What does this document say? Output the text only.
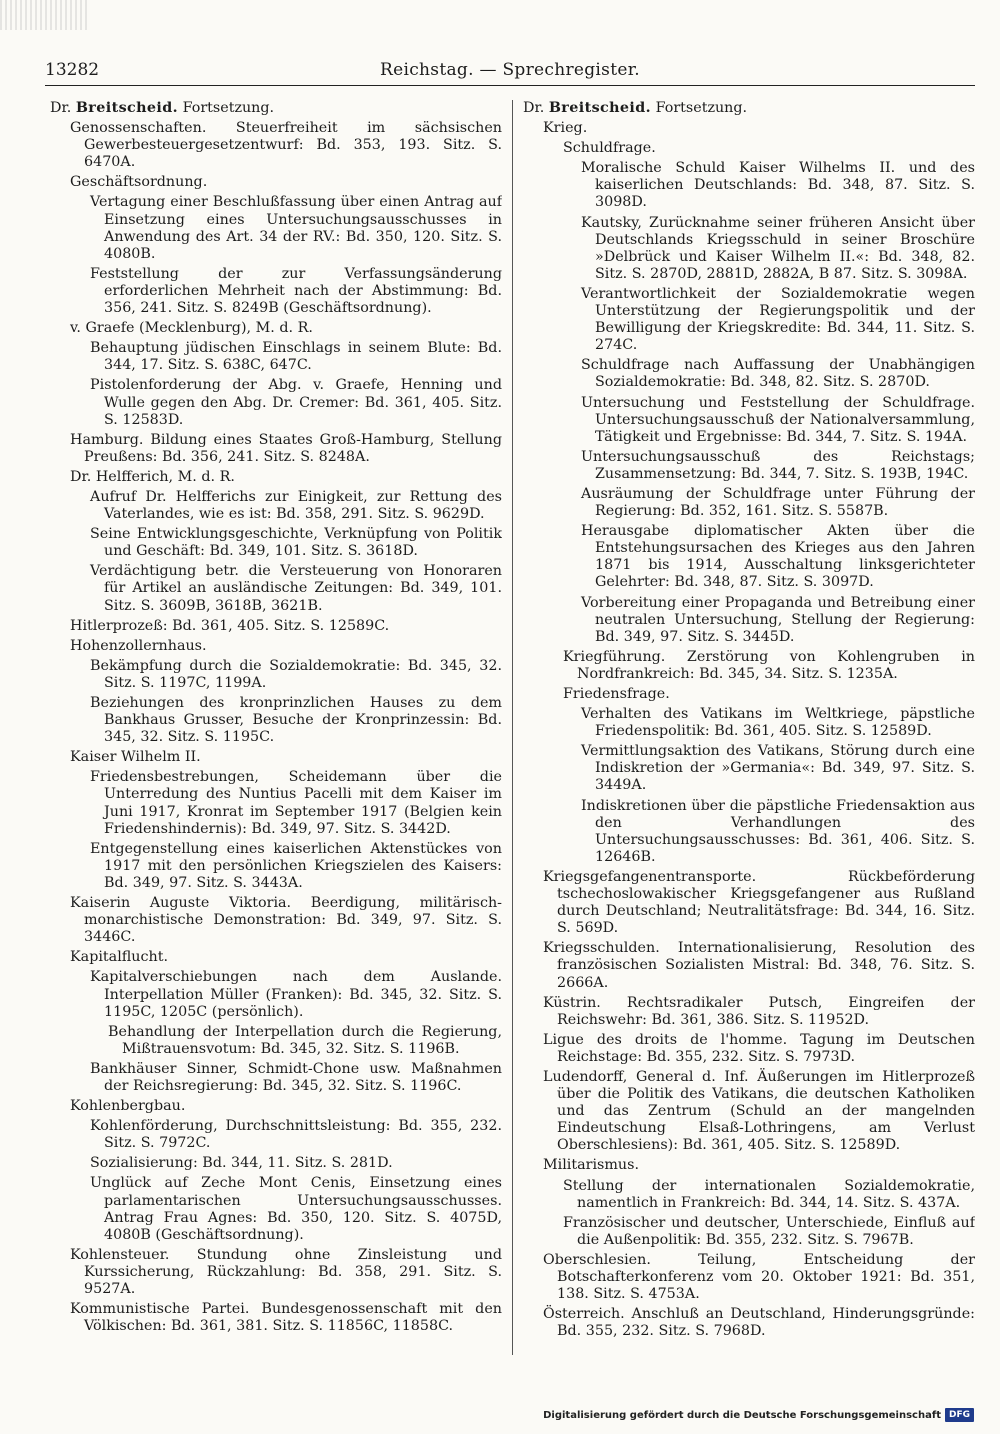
13282	Reichstag. — Sprechregister.

Dr. Breitscheid. Fortsetzung.

Genossenschaften. Steuerfreiheit im sächsischen Gewerbesteuergesetzentwurf: Bd. 353, 193. Sitz. S. 6470A.

Geschäftsordnung.

Vertagung einer Beschlußfassung über einen Antrag auf Einsetzung eines Untersuchungsausschusses in Anwendung des Art. 34 der RV.: Bd. 350, 120. Sitz. S. 4080B.

Feststellung der zur Verfassungsänderung erforderlichen Mehrheit nach der Abstimmung: Bd. 356, 241. Sitz. S. 8249B (Geschäftsordnung).

v. Graefe (Mecklenburg), M. d. R.

Behauptung jüdischen Einschlags in seinem Blute: Bd. 344, 17. Sitz. S. 638C, 647C.

Pistolenforderung der Abg. v. Graefe, Henning und Wulle gegen den Abg. Dr. Cremer: Bd. 361, 405. Sitz. S. 12583D.

Hamburg. Bildung eines Staates Groß-Hamburg, Stellung Preußens: Bd. 356, 241. Sitz. S. 8248A.

Dr. Helfferich, M. d. R.

Aufruf Dr. Helfferichs zur Einigkeit, zur Rettung des Vaterlandes, wie es ist: Bd. 358, 291. Sitz. S. 9629D.

Seine Entwicklungsgeschichte, Verknüpfung von Politik und Geschäft: Bd. 349, 101. Sitz. S. 3618D.

Verdächtigung betr. die Versteuerung von Honoraren für Artikel an ausländische Zeitungen: Bd. 349, 101. Sitz. S. 3609B, 3618B, 3621B.

Hitlerprozeß: Bd. 361, 405. Sitz. S. 12589C.

Hohenzollernhaus.

Bekämpfung durch die Sozialdemokratie: Bd. 345, 32. Sitz. S. 1197C, 1199A.

Beziehungen des kronprinzlichen Hauses zu dem Bankhaus Grusser, Besuche der Kronprinzessin: Bd. 345, 32. Sitz. S. 1195C.

Kaiser Wilhelm II.

Friedensbestrebungen, Scheidemann über die Unterredung des Nuntius Pacelli mit dem Kaiser im Juni 1917, Kronrat im September 1917 (Belgien kein Friedenshindernis): Bd. 349, 97. Sitz. S. 3442D.

Entgegenstellung eines kaiserlichen Aktenstückes von 1917 mit den persönlichen Kriegszielen des Kaisers: Bd. 349, 97. Sitz. S. 3443A.

Kaiserin Auguste Viktoria. Beerdigung, militärisch-monarchistische Demonstration: Bd. 349, 97. Sitz. S. 3446C.

Kapitalflucht.

Kapitalverschiebungen nach dem Auslande. Interpellation Müller (Franken): Bd. 345, 32. Sitz. S. 1195C, 1205C (persönlich).

Behandlung der Interpellation durch die Regierung, Mißtrauensvotum: Bd. 345, 32. Sitz. S. 1196B.

Bankhäuser Sinner, Schmidt-Chone usw. Maßnahmen der Reichsregierung: Bd. 345, 32. Sitz. S. 1196C.

Kohlenbergbau.

Kohlenförderung, Durchschnittsleistung: Bd. 355, 232. Sitz. S. 7972C.

Sozialisierung: Bd. 344, 11. Sitz. S. 281D.

Unglück auf Zeche Mont Cenis, Einsetzung eines parlamentarischen Untersuchungsausschusses. Antrag Frau Agnes: Bd. 350, 120. Sitz. S. 4075D, 4080B (Geschäftsordnung).

Kohlensteuer. Stundung ohne Zinsleistung und Kurssicherung, Rückzahlung: Bd. 358, 291. Sitz. S. 9527A.

Kommunistische Partei. Bundesgenossenschaft mit den Völkischen: Bd. 361, 381. Sitz. S. 11856C, 11858C.

Dr. Breitscheid. Fortsetzung.

Krieg.

Schuldfrage.

Moralische Schuld Kaiser Wilhelms II. und des kaiserlichen Deutschlands: Bd. 348, 87. Sitz. S. 3098D.

Kautsky, Zurücknahme seiner früheren Ansicht über Deutschlands Kriegsschuld in seiner Broschüre »Delbrück und Kaiser Wilhelm II.«: Bd. 348, 82. Sitz. S. 2870D, 2881D, 2882A, B 87. Sitz. S. 3098A.

Verantwortlichkeit der Sozialdemokratie wegen Unterstützung der Regierungspolitik und der Bewilligung der Kriegskredite: Bd. 344, 11. Sitz. S. 274C.

Schuldfrage nach Auffassung der Unabhängigen Sozialdemokratie: Bd. 348, 82. Sitz. S. 2870D.

Untersuchung und Feststellung der Schuldfrage. Untersuchungsausschuß der Nationalversammlung, Tätigkeit und Ergebnisse: Bd. 344, 7. Sitz. S. 194A.

Untersuchungsausschuß des Reichstags; Zusammensetzung: Bd. 344, 7. Sitz. S. 193B, 194C.

Ausräumung der Schuldfrage unter Führung der Regierung: Bd. 352, 161. Sitz. S. 5587B.

Herausgabe diplomatischer Akten über die Entstehungsursachen des Krieges aus den Jahren 1871 bis 1914, Ausschaltung linksgerichteter Gelehrter: Bd. 348, 87. Sitz. S. 3097D.

Vorbereitung einer Propaganda und Betreibung einer neutralen Untersuchung, Stellung der Regierung: Bd. 349, 97. Sitz. S. 3445D.

Kriegführung. Zerstörung von Kohlengruben in Nordfrankreich: Bd. 345, 34. Sitz. S. 1235A.

Friedensfrage.

Verhalten des Vatikans im Weltkriege, päpstliche Friedenspolitik: Bd. 361, 405. Sitz. S. 12589D.

Vermittlungsaktion des Vatikans, Störung durch eine Indiskretion der »Germania«: Bd. 349, 97. Sitz. S. 3449A.

Indiskretionen über die päpstliche Friedensaktion aus den Verhandlungen des Untersuchungsausschusses: Bd. 361, 406. Sitz. S. 12646B.

Kriegsgefangenentransporte. Rückbeförderung tschechoslowakischer Kriegsgefangener aus Rußland durch Deutschland; Neutralitätsfrage: Bd. 344, 16. Sitz. S. 569D.

Kriegsschulden. Internationalisierung, Resolution des französischen Sozialisten Mistral: Bd. 348, 76. Sitz. S. 2666A.

Küstrin. Rechtsradikaler Putsch, Eingreifen der Reichswehr: Bd. 361, 386. Sitz. S. 11952D.

Ligue des droits de l'homme. Tagung im Deutschen Reichstage: Bd. 355, 232. Sitz. S. 7973D.

Ludendorff, General d. Inf. Äußerungen im Hitlerprozeß über die Politik des Vatikans, die deutschen Katholiken und das Zentrum (Schuld an der mangelnden Eindeutschung Elsaß-Lothringens, am Verlust Oberschlesiens): Bd. 361, 405. Sitz. S. 12589D.

Militarismus.

Stellung der internationalen Sozialdemokratie, namentlich in Frankreich: Bd. 344, 14. Sitz. S. 437A.

Französischer und deutscher, Unterschiede, Einfluß auf die Außenpolitik: Bd. 355, 232. Sitz. S. 7967B.

Oberschlesien. Teilung, Entscheidung der Botschafterkonferenz vom 20. Oktober 1921: Bd. 351, 138. Sitz. S. 4753A.

Österreich. Anschluß an Deutschland, Hinderungsgründe: Bd. 355, 232. Sitz. S. 7968D.

Digitalisierung gefördert durch die Deutsche Forschungsgemeinschaft DFG
